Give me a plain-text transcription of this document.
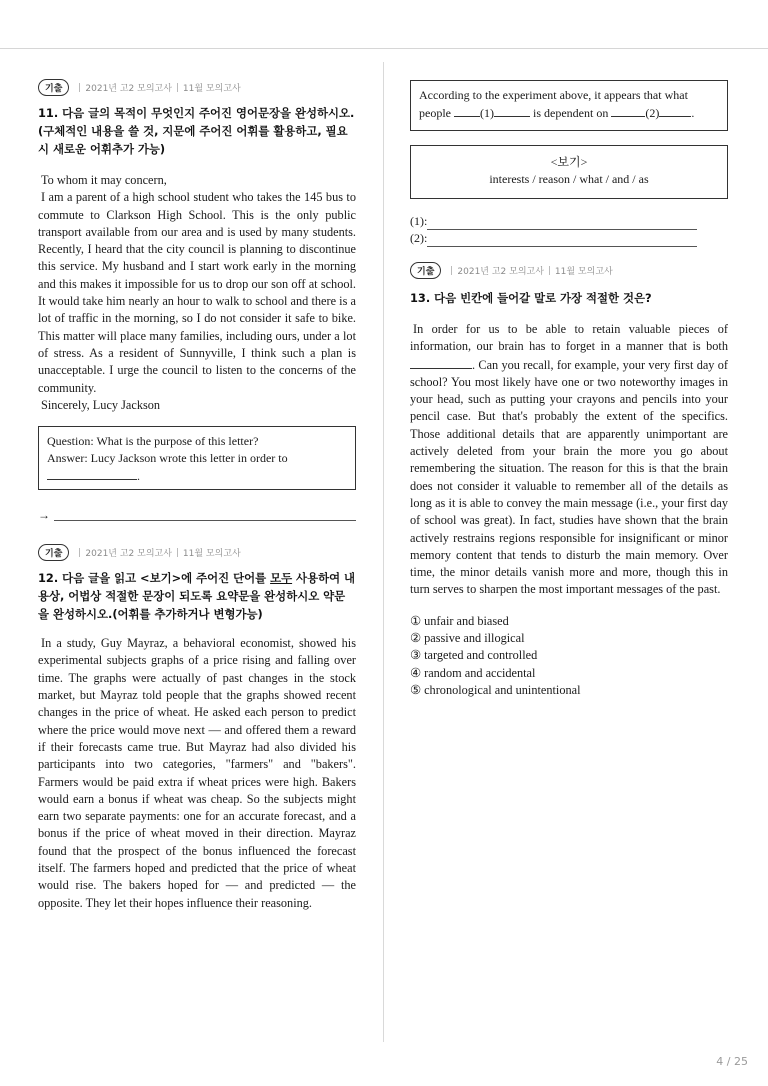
기출	2021년 고2 모의고사 11월 모의고사
11. 다음 글의 목적이 무엇인지 주어진 영어문장을 완성하시오. (구체적인 내용을 쓸 것, 지문에 주어진 어휘를 활용하고, 필요시 새로운 어휘추가 가능)

To whom it may concern,

I am a parent of a high school student who takes the 145 bus to commute to Clarkson High School. This is the only public transport available from our area and is used by many students. Recently, I heard that the city council is planning to discontinue this service. My husband and I start work early in the morning and this makes it impossible for us to drop our son off at school. It would take him nearly an hour to walk to school and there is a lot of traffic in the morning, so I do not consider it safe to bike. This matter will place many families, including ours, under a lot of stress. As a resident of Sunnyville, I think such a plan is unacceptable. I urge the council to listen to the concerns of the community.

Sincerely, Lucy Jackson

Question: What is the purpose of this letter?
Answer: Lucy Jackson wrote this letter in order to
.
→
기출	2021년 고2 모의고사 11월 모의고사
12. 다음 글을 읽고 <보기>에 주어진 단어를 모두 사용하여 내용상, 어법상 적절한 문장이 되도록 요약문을 완성하시오 약문을 완성하시오.(어휘를 추가하거나 변형가능)

In a study, Guy Mayraz, a behavioral economist, showed his experimental subjects graphs of a price rising and falling over time. The graphs were actually of past changes in the stock market, but Mayraz told people that the graphs showed recent changes in the price of wheat. He asked each person to predict where the price would move next — and offered them a reward if their forecasts came true. But Mayraz had also divided his participants into two categories, "farmers" and "bakers". Farmers would be paid extra if wheat prices were high. Bakers would earn a bonus if wheat was cheap. So the subjects might earn two separate payments: one for an accurate forecast, and a bonus if the price of wheat moved in their direction. Mayraz found that the prospect of the bonus influenced the forecast itself. The farmers hoped and predicted that the price of wheat would rise. The bakers hoped for — and predicted — the opposite. They let their hopes influence their reasoning.

According to the experiment above, it appears that what people (1)	is dependent on	(2)	.
<보기>
interests / reason / what / and / as
(1):
(2):
기출	2021년 고2 모의고사 11월 모의고사
13. 다음 빈칸에 들어갈 말로 가장 적절한 것은?

In order for us to be able to retain valuable pieces of information, our brain has to forget in a manner that is both . Can you recall, for example, your very first day of school? You most likely have one or two noteworthy images in your head, such as putting your crayons and pencils into your pencil case. But that's probably the extent of the specifics. Those additional details that are apparently unimportant are actively deleted from your brain the more you go about remembering the situation. The reason for this is that the brain does not consider it valuable to remember all of the details as long as it is able to convey the main message (i.e., your first day of school was great). In fact, studies have shown that the brain actively restrains regions responsible for insignificant or minor memory content that tends to disturb the main memory. Over time, the minor details vanish more and more, though this in turn serves to sharpen the most important messages of the past.

① unfair and biased
② passive and illogical
③ targeted and controlled
④ random and accidental
⑤ chronological and unintentional
4 / 25
